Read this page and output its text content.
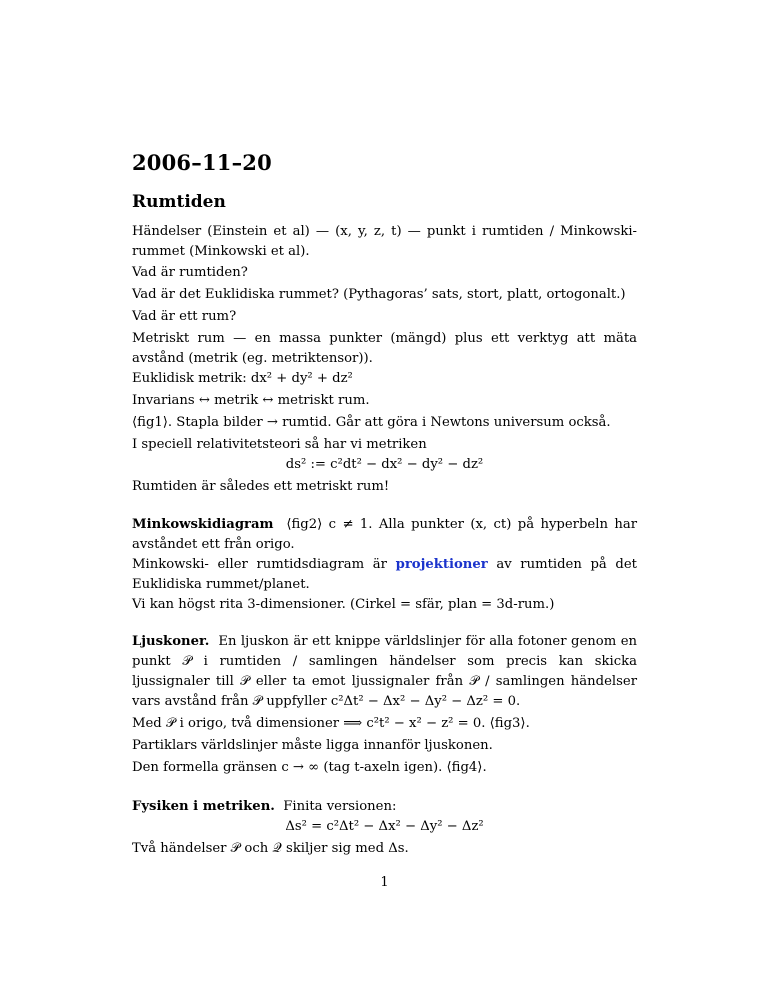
2006–11–20
Rumtiden

Händelser (Einstein et al) — (x, y, z, t) — punkt i rumtiden / Minkowski-rummet (Minkowski et al).

Vad är rumtiden?

Vad är det Euklidiska rummet? (Pythagoras’ sats, stort, platt, ortogonalt.)

Vad är ett rum?

Metriskt rum — en massa punkter (mängd) plus ett verktyg att mäta avstånd (metrik (eg. metriktensor)).

Euklidisk metrik: dx² + dy² + dz²

Invarians ↔ metrik ↔ metriskt rum.

⟨fig1⟩. Stapla bilder → rumtid. Går att göra i Newtons universum också.

I speciell relativitetsteori så har vi metriken

ds² := c²dt² − dx² − dy² − dz²

Rumtiden är således ett metriskt rum!

Minkowskidiagram ⟨fig2⟩ c ≠ 1. Alla punkter (x, ct) på hyperbeln har avståndet ett från origo.

Minkowski- eller rumtidsdiagram är projektioner av rumtiden på det Euklidiska rummet/planet.

Vi kan högst rita 3-dimensioner. (Cirkel = sfär, plan = 3d-rum.)

Ljuskoner. En ljuskon är ett knippe världslinjer för alla fotoner genom en punkt 𝒫 i rumtiden / samlingen händelser som precis kan skicka ljussignaler till 𝒫 eller ta emot ljussignaler från 𝒫 / samlingen händelser vars avstånd från 𝒫 uppfyller c²Δt² − Δx² − Δy² − Δz² = 0.

Med 𝒫 i origo, två dimensioner ⟹ c²t² − x² − z² = 0. ⟨fig3⟩.

Partiklars världslinjer måste ligga innanför ljuskonen.

Den formella gränsen c → ∞ (tag t-axeln igen). ⟨fig4⟩.

Fysiken i metriken. Finita versionen:

Δs² = c²Δt² − Δx² − Δy² − Δz²

Två händelser 𝒫 och 𝒬 skiljer sig med Δs.

1
